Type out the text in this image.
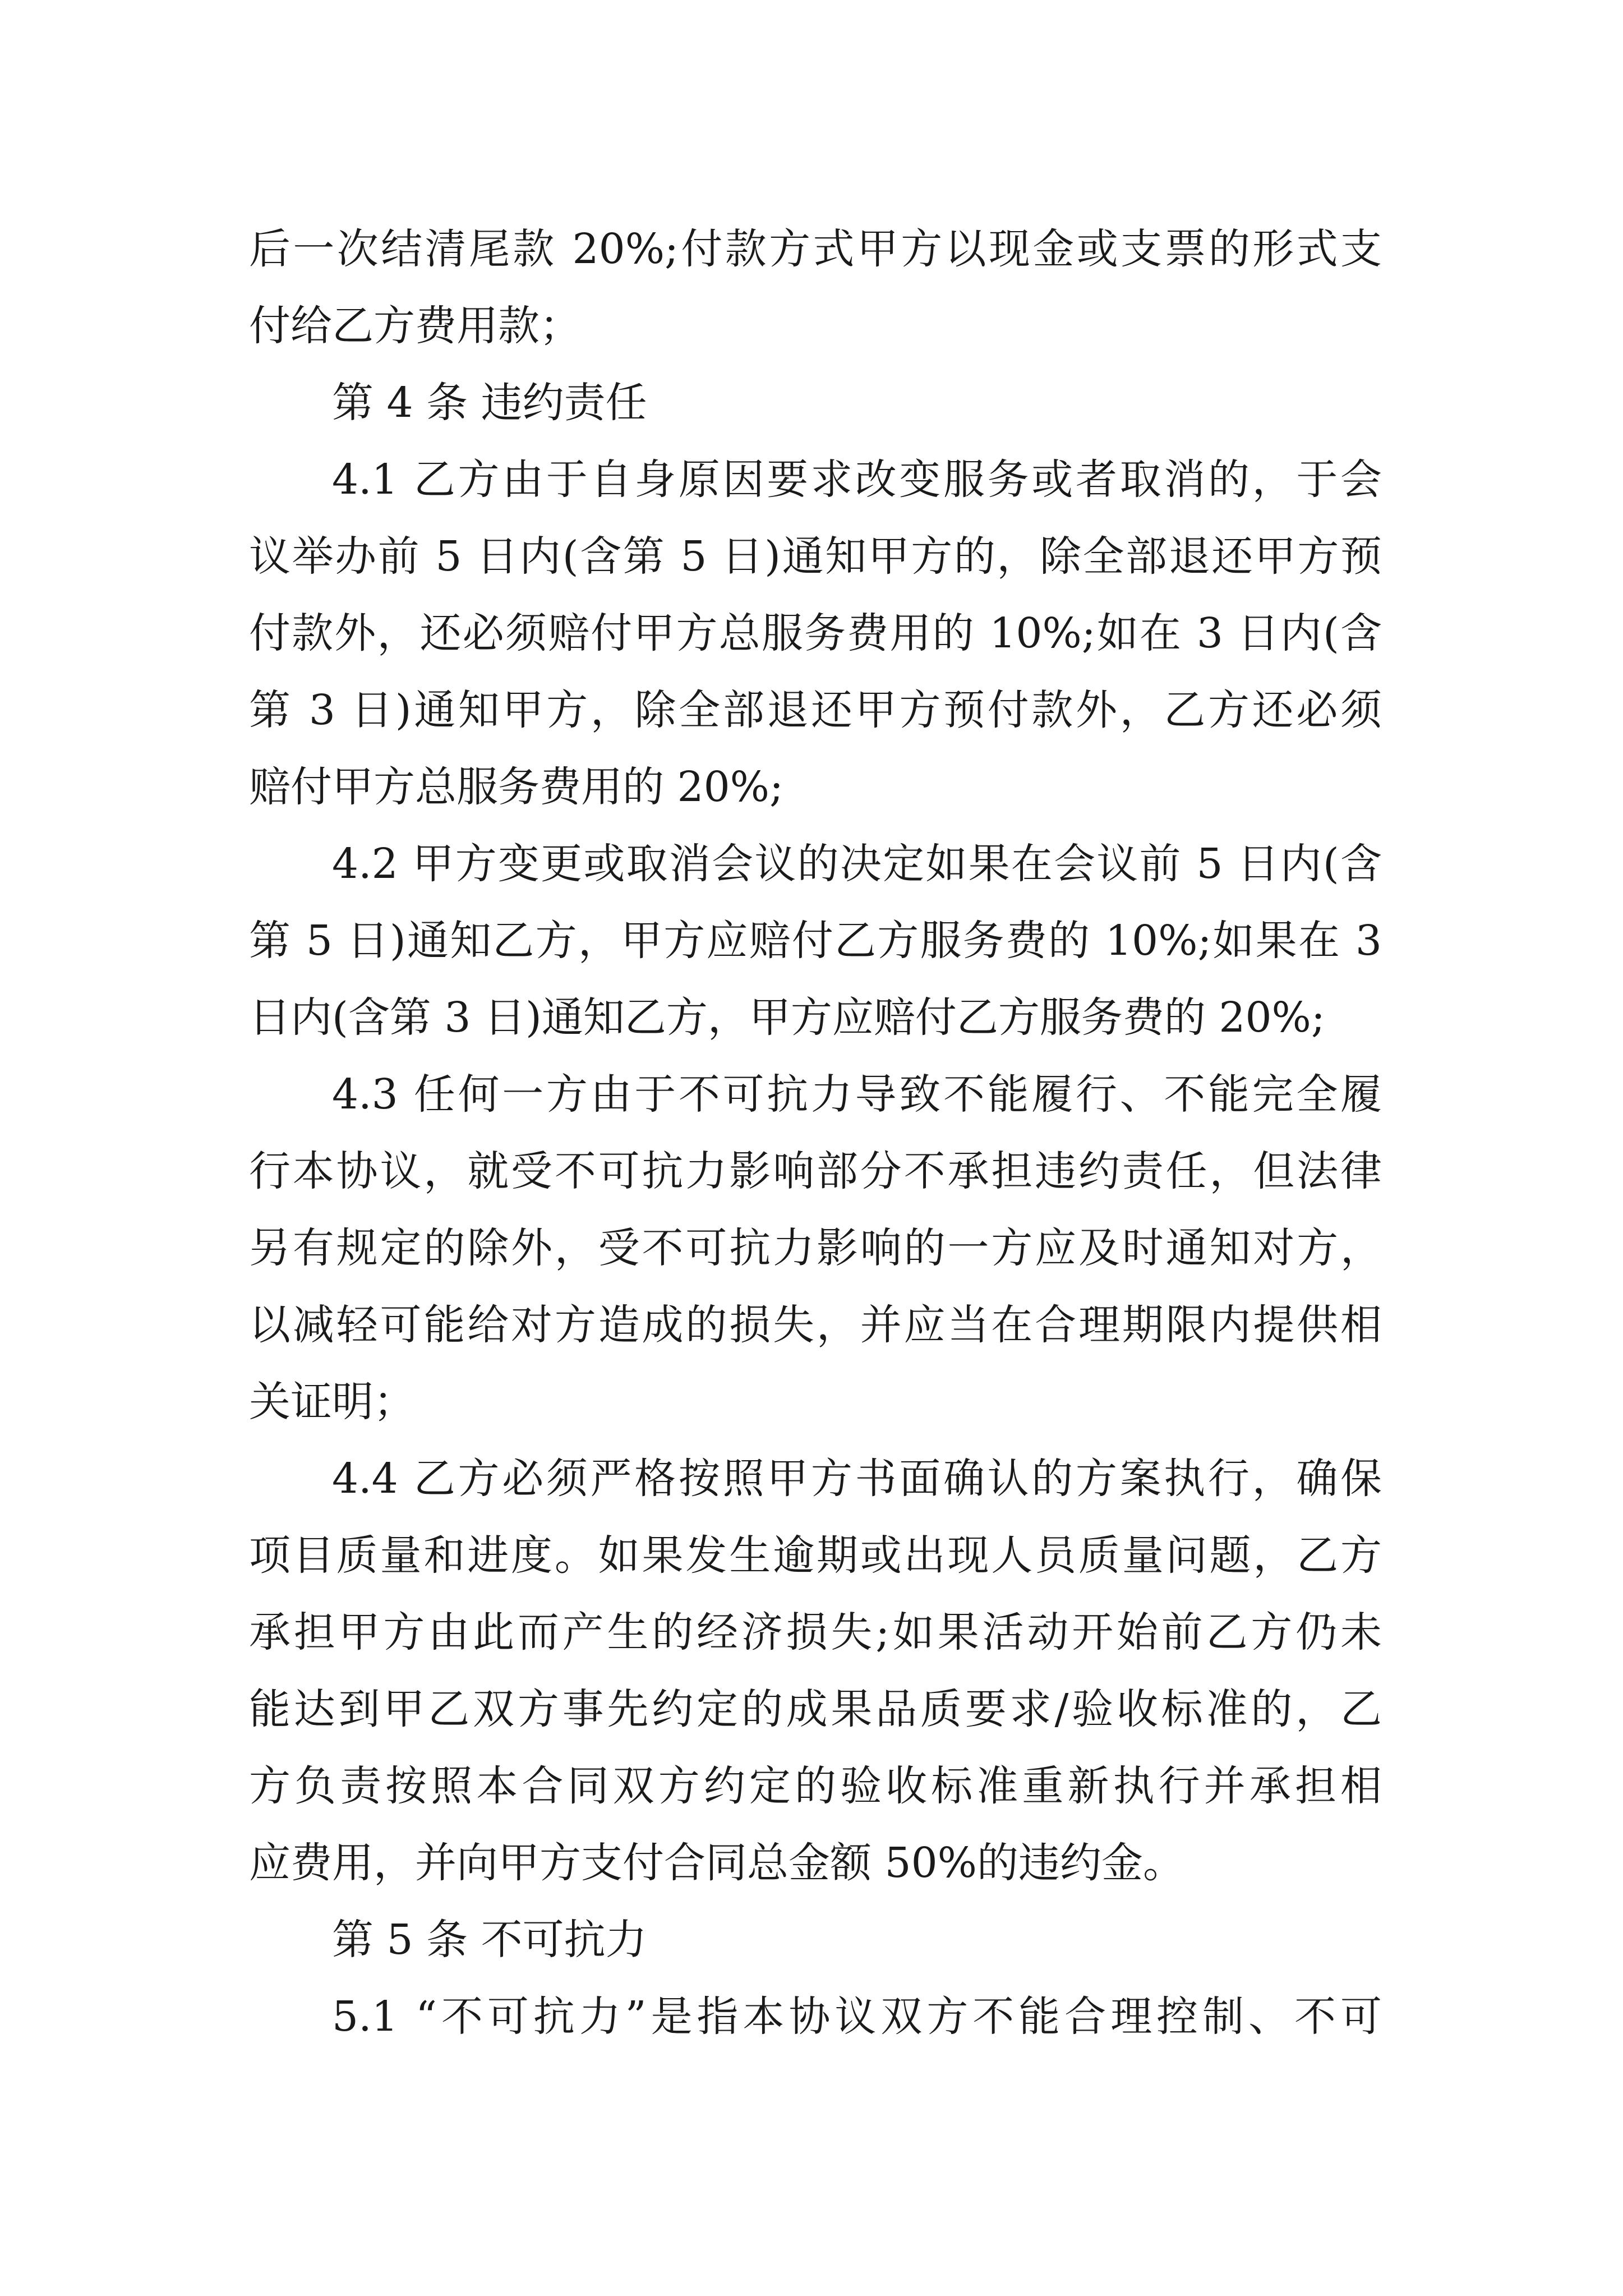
后一次结清尾款 20%;付款方式甲方以现金或支票的形式支
付给乙方费用款；
第 4 条 违约责任
4.1 乙方由于自身原因要求改变服务或者取消的，于会
议举办前 5 日内(含第 5 日)通知甲方的，除全部退还甲方预
付款外，还必须赔付甲方总服务费用的 10%;如在 3 日内(含
第 3 日)通知甲方，除全部退还甲方预付款外，乙方还必须
赔付甲方总服务费用的 20%;
4.2 甲方变更或取消会议的决定如果在会议前 5 日内(含
第 5 日)通知乙方，甲方应赔付乙方服务费的 10%;如果在 3
日内(含第 3 日)通知乙方，甲方应赔付乙方服务费的 20%;
4.3 任何一方由于不可抗力导致不能履行、不能完全履
行本协议，就受不可抗力影响部分不承担违约责任，但法律
另有规定的除外，受不可抗力影响的一方应及时通知对方，
以减轻可能给对方造成的损失，并应当在合理期限内提供相
关证明；
4.4 乙方必须严格按照甲方书面确认的方案执行，确保
项目质量和进度。如果发生逾期或出现人员质量问题，乙方
承担甲方由此而产生的经济损失;如果活动开始前乙方仍未
能达到甲乙双方事先约定的成果品质要求/验收标准的，乙
方负责按照本合同双方约定的验收标准重新执行并承担相
应费用，并向甲方支付合同总金额 50%的违约金。
第 5 条 不可抗力
5.1 “不可抗力”是指本协议双方不能合理控制、不可
